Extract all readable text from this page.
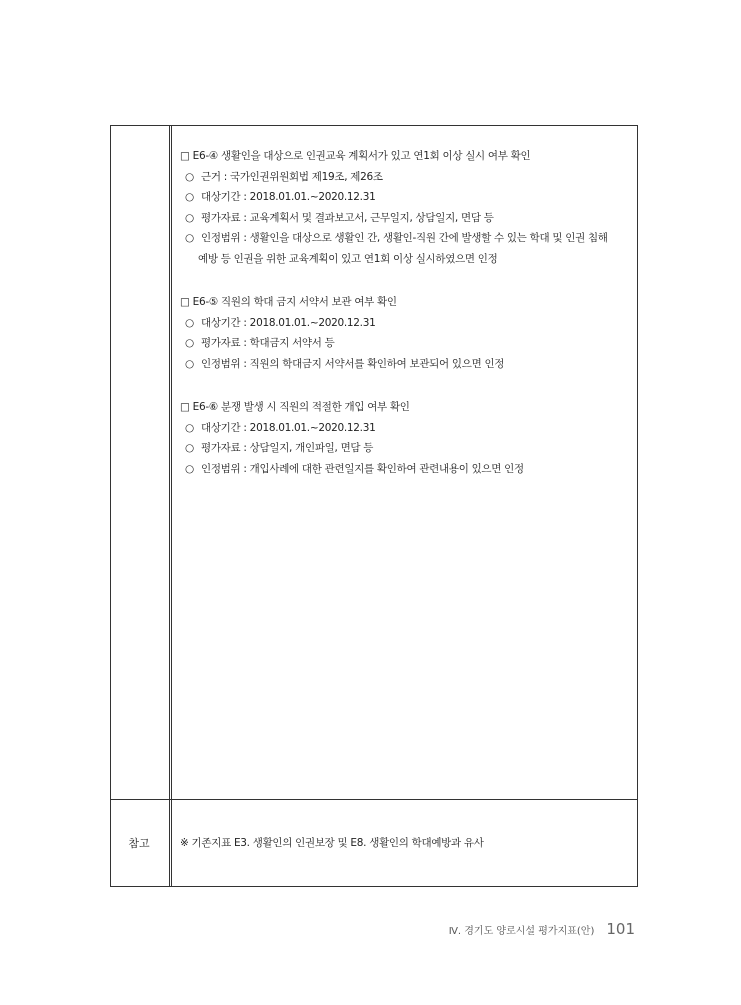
□ E6-④ 생활인을 대상으로 인권교육 계획서가 있고 연1회 이상 실시 여부 확인
○ 근거 : 국가인권위원회법 제19조, 제26조
○ 대상기간 : 2018.01.01.~2020.12.31
○ 평가자료 : 교육계획서 및 결과보고서, 근무일지, 상담일지, 면담 등
○ 인정범위 : 생활인을 대상으로 생활인 간, 생활인-직원 간에 발생할 수 있는 학대 및 인권 침해
예방 등 인권을 위한 교육계획이 있고 연1회 이상 실시하였으면 인정
□ E6-⑤ 직원의 학대 금지 서약서 보관 여부 확인
○ 대상기간 : 2018.01.01.~2020.12.31
○ 평가자료 : 학대금지 서약서 등
○ 인정범위 : 직원의 학대금지 서약서를 확인하여 보관되어 있으면 인정
□ E6-⑥ 분쟁 발생 시 직원의 적절한 개입 여부 확인
○ 대상기간 : 2018.01.01.~2020.12.31
○ 평가자료 : 상담일지, 개인파일, 면담 등
○ 인정범위 : 개입사례에 대한 관련일지를 확인하여 관련내용이 있으면 인정
참고	※ 기존지표 E3. 생활인의 인권보장 및 E8. 생활인의 학대예방과 유사
Ⅳ. 경기도 양로시설 평가지표(안) 101
